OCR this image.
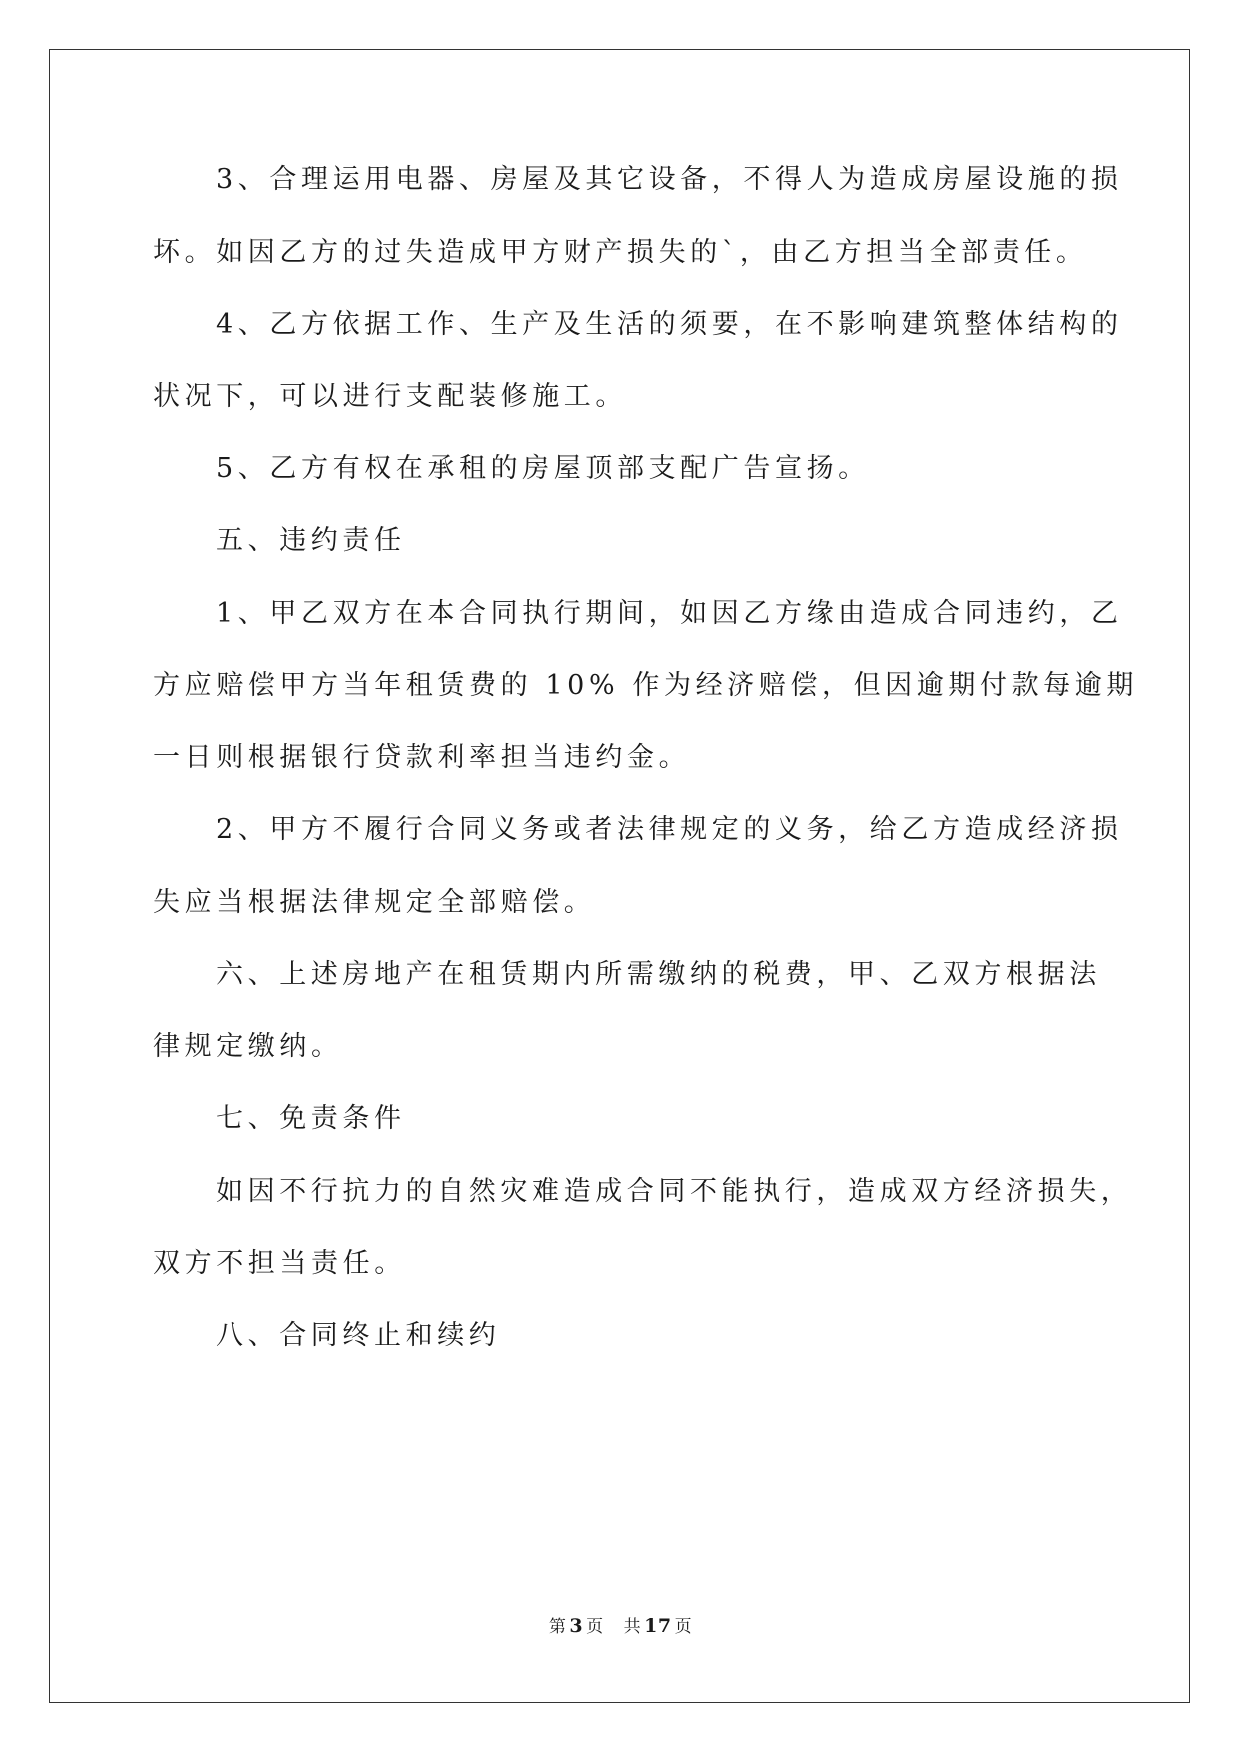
3、合理运用电器、房屋及其它设备，不得人为造成房屋设施的损
坏。如因乙方的过失造成甲方财产损失的`，由乙方担当全部责任。
4、乙方依据工作、生产及生活的须要，在不影响建筑整体结构的
状况下，可以进行支配装修施工。
5、乙方有权在承租的房屋顶部支配广告宣扬。
五、违约责任
1、甲乙双方在本合同执行期间，如因乙方缘由造成合同违约，乙
方应赔偿甲方当年租赁费的 10% 作为经济赔偿，但因逾期付款每逾期
一日则根据银行贷款利率担当违约金。
2、甲方不履行合同义务或者法律规定的义务，给乙方造成经济损
失应当根据法律规定全部赔偿。
六、上述房地产在租赁期内所需缴纳的税费，甲、乙双方根据法
律规定缴纳。
七、免责条件
如因不行抗力的自然灾难造成合同不能执行，造成双方经济损失，
双方不担当责任。
八、合同终止和续约
第 3 页 共 17 页
